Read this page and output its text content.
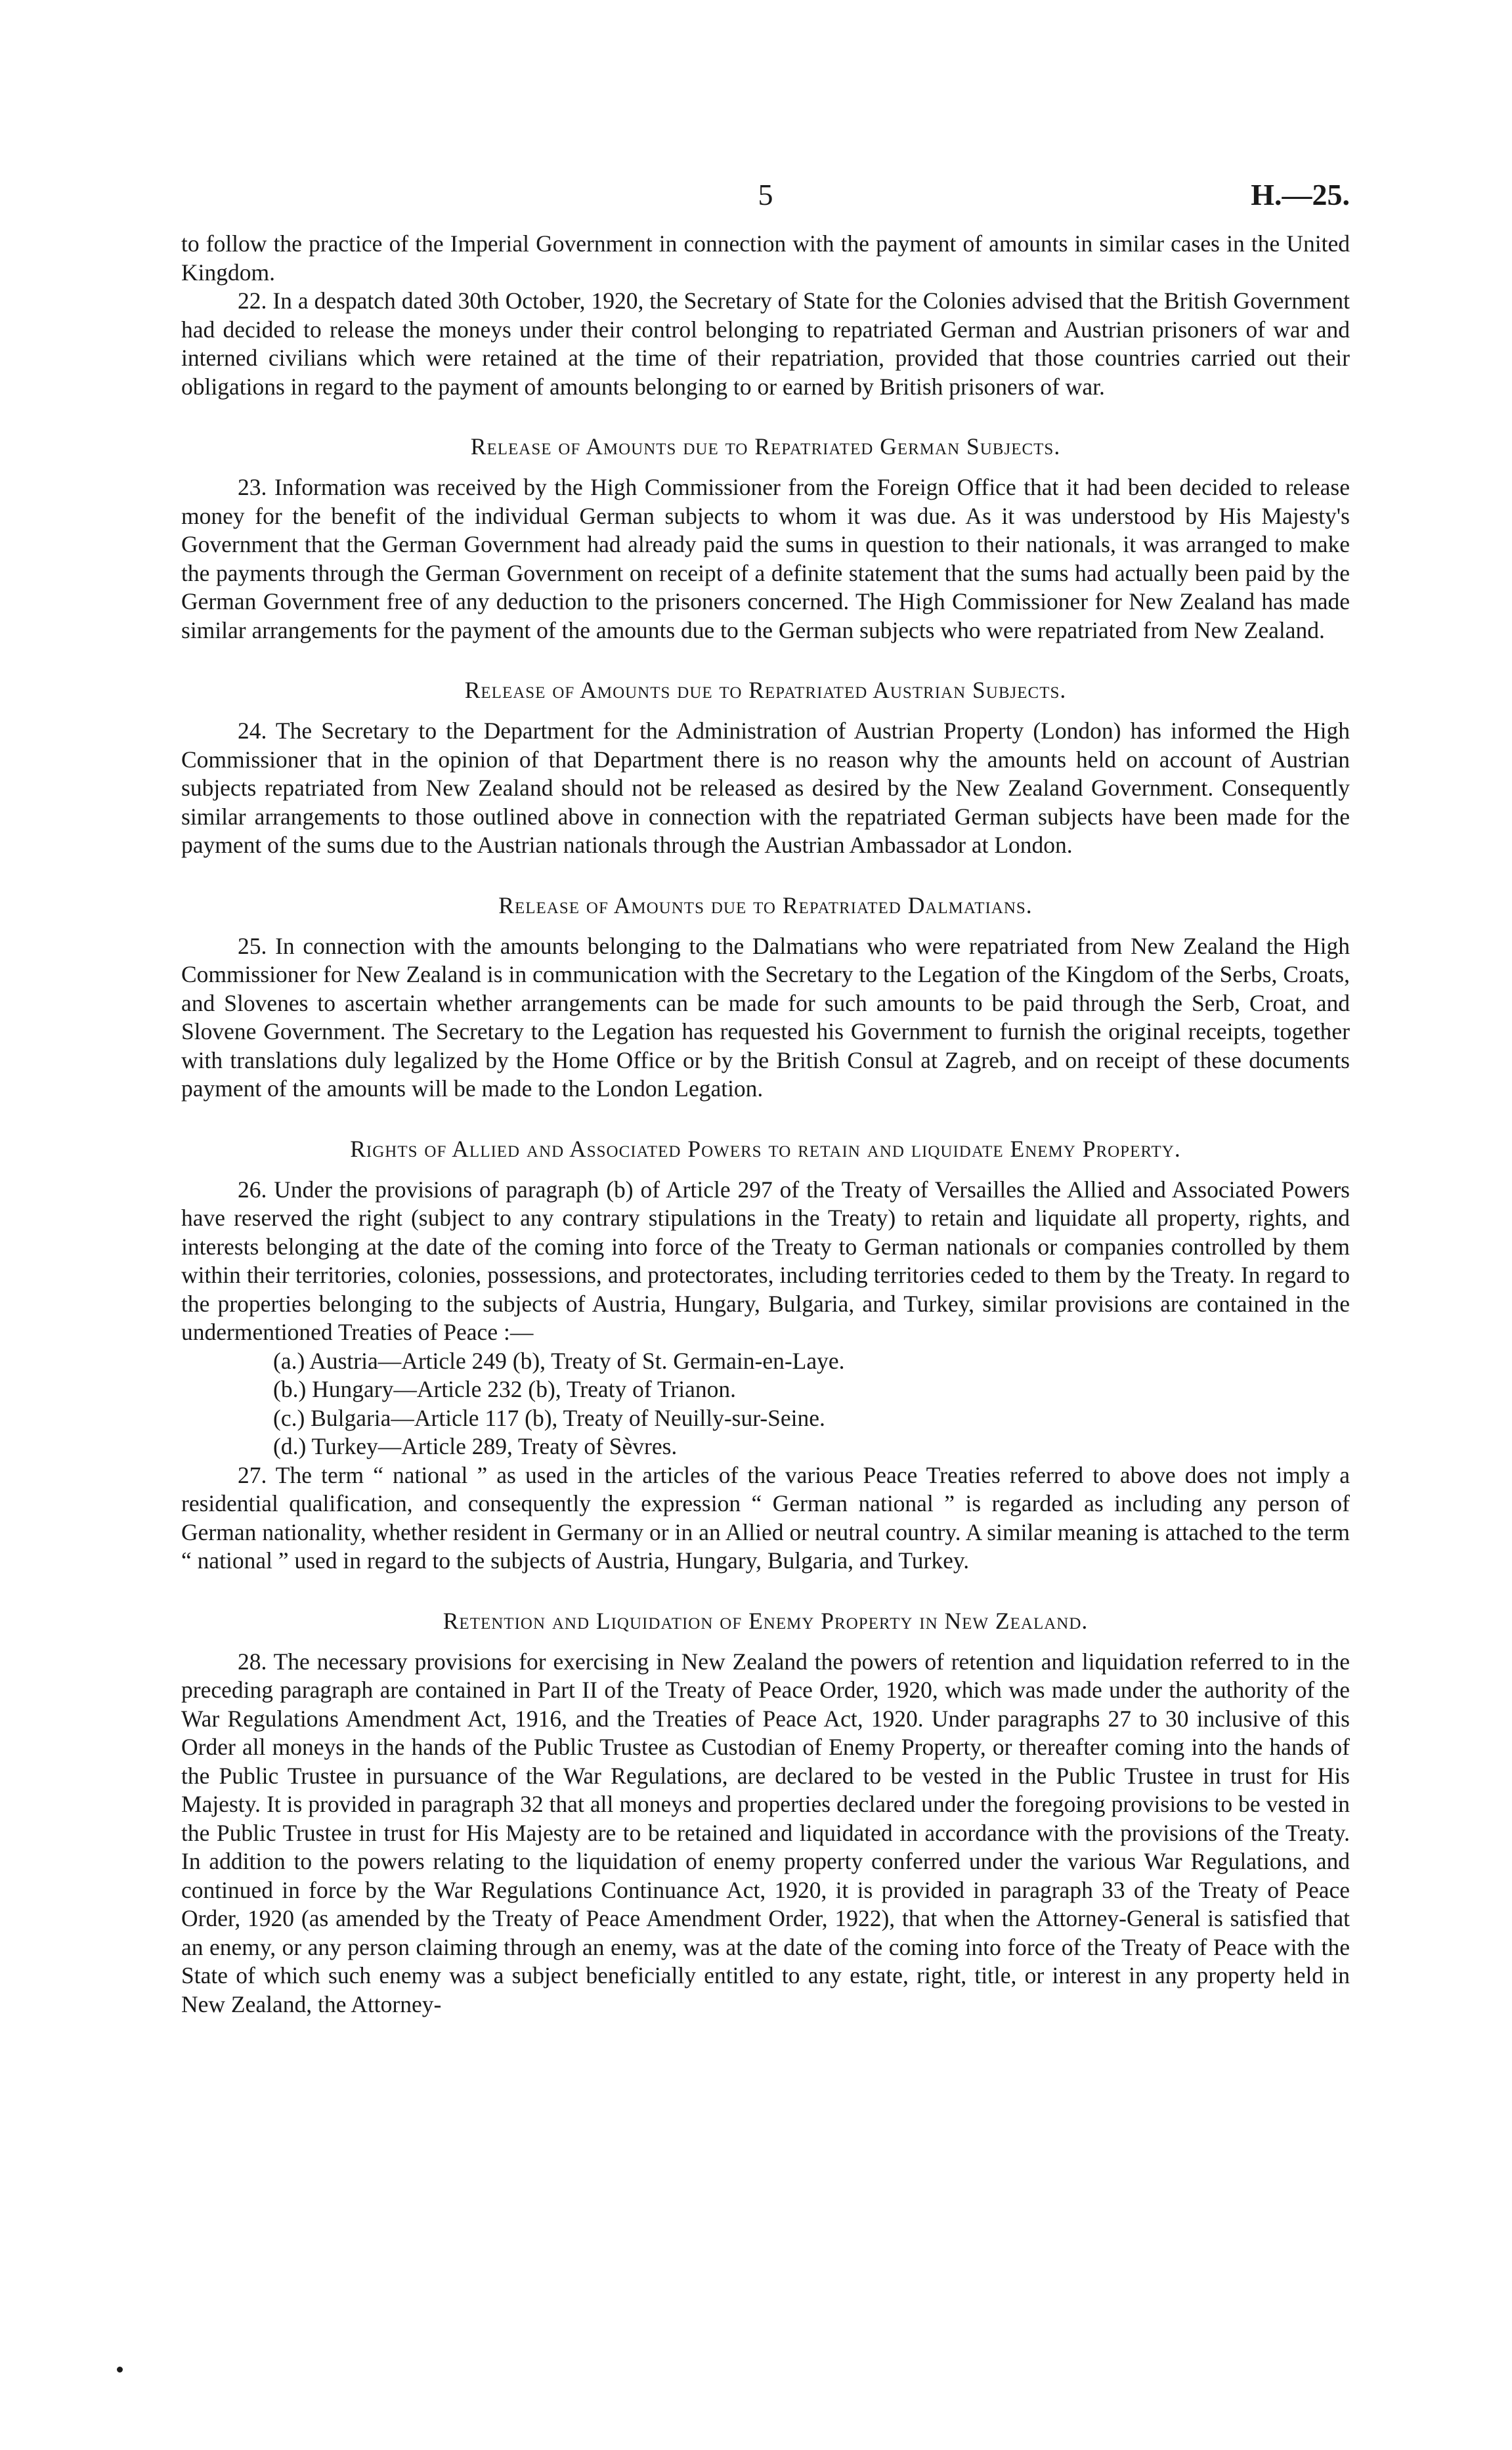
5	H.—25.

to follow the practice of the Imperial Government in connection with the payment of amounts in similar cases in the United Kingdom.

22. In a despatch dated 30th October, 1920, the Secretary of State for the Colonies advised that the British Government had decided to release the moneys under their control belonging to repatriated German and Austrian prisoners of war and interned civilians which were retained at the time of their repatriation, provided that those countries carried out their obligations in regard to the payment of amounts belonging to or earned by British prisoners of war.

Release of Amounts due to Repatriated German Subjects.

23. Information was received by the High Commissioner from the Foreign Office that it had been decided to release money for the benefit of the individual German subjects to whom it was due. As it was understood by His Majesty's Government that the German Government had already paid the sums in question to their nationals, it was arranged to make the payments through the German Government on receipt of a definite statement that the sums had actually been paid by the German Government free of any deduction to the prisoners concerned. The High Commissioner for New Zealand has made similar arrangements for the payment of the amounts due to the German subjects who were repatriated from New Zealand.

Release of Amounts due to Repatriated Austrian Subjects.

24. The Secretary to the Department for the Administration of Austrian Property (London) has informed the High Commissioner that in the opinion of that Department there is no reason why the amounts held on account of Austrian subjects repatriated from New Zealand should not be released as desired by the New Zealand Government. Consequently similar arrangements to those outlined above in connection with the repatriated German subjects have been made for the payment of the sums due to the Austrian nationals through the Austrian Ambassador at London.

Release of Amounts due to Repatriated Dalmatians.

25. In connection with the amounts belonging to the Dalmatians who were repatriated from New Zealand the High Commissioner for New Zealand is in communication with the Secretary to the Legation of the Kingdom of the Serbs, Croats, and Slovenes to ascertain whether arrangements can be made for such amounts to be paid through the Serb, Croat, and Slovene Government. The Secretary to the Legation has requested his Government to furnish the original receipts, together with translations duly legalized by the Home Office or by the British Consul at Zagreb, and on receipt of these documents payment of the amounts will be made to the London Legation.

Rights of Allied and Associated Powers to retain and liquidate Enemy Property.

26. Under the provisions of paragraph (b) of Article 297 of the Treaty of Versailles the Allied and Associated Powers have reserved the right (subject to any contrary stipulations in the Treaty) to retain and liquidate all property, rights, and interests belonging at the date of the coming into force of the Treaty to German nationals or companies controlled by them within their territories, colonies, possessions, and protectorates, including territories ceded to them by the Treaty. In regard to the properties belonging to the subjects of Austria, Hungary, Bulgaria, and Turkey, similar provisions are contained in the undermentioned Treaties of Peace :—

(a.) Austria—Article 249 (b), Treaty of St. Germain-en-Laye.
(b.) Hungary—Article 232 (b), Treaty of Trianon.
(c.) Bulgaria—Article 117 (b), Treaty of Neuilly-sur-Seine.
(d.) Turkey—Article 289, Treaty of Sèvres.

27. The term “ national ” as used in the articles of the various Peace Treaties referred to above does not imply a residential qualification, and consequently the expression “ German national ” is regarded as including any person of German nationality, whether resident in Germany or in an Allied or neutral country. A similar meaning is attached to the term “ national ” used in regard to the subjects of Austria, Hungary, Bulgaria, and Turkey.

Retention and Liquidation of Enemy Property in New Zealand.

28. The necessary provisions for exercising in New Zealand the powers of retention and liquidation referred to in the preceding paragraph are contained in Part II of the Treaty of Peace Order, 1920, which was made under the authority of the War Regulations Amendment Act, 1916, and the Treaties of Peace Act, 1920. Under paragraphs 27 to 30 inclusive of this Order all moneys in the hands of the Public Trustee as Custodian of Enemy Property, or thereafter coming into the hands of the Public Trustee in pursuance of the War Regulations, are declared to be vested in the Public Trustee in trust for His Majesty. It is provided in paragraph 32 that all moneys and properties declared under the foregoing provisions to be vested in the Public Trustee in trust for His Majesty are to be retained and liquidated in accordance with the provisions of the Treaty. In addition to the powers relating to the liquidation of enemy property conferred under the various War Regulations, and continued in force by the War Regulations Continuance Act, 1920, it is provided in paragraph 33 of the Treaty of Peace Order, 1920 (as amended by the Treaty of Peace Amendment Order, 1922), that when the Attorney-General is satisfied that an enemy, or any person claiming through an enemy, was at the date of the coming into force of the Treaty of Peace with the State of which such enemy was a subject beneficially entitled to any estate, right, title, or interest in any property held in New Zealand, the Attorney-
